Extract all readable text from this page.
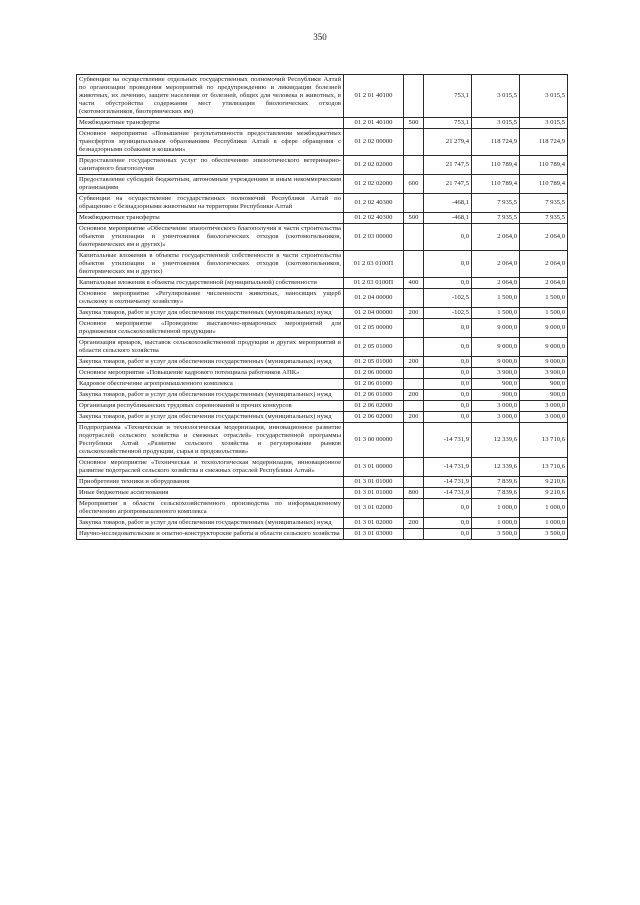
350
Субвенции на осуществление отдельных государственных полномочий Республики Алтай по организации проведения мероприятий по предупреждению и ликвидации болезней животных, их лечению, защите населения от болезней, общих для человека и животных, в части обустройства содержания мест утилизации биологических отходов (скотомогильников, биотермических ям)	01 2 01 40100		753,1	3 015,5	3 015,5
Межбюджетные трансферты	01 2 01 40100	500	753,1	3 015,5	3 015,5
Основное мероприятие «Повышение результативности предоставления межбюджетных трансфертов муниципальным образованиям Республики Алтай в сфере обращения с безнадзорными собаками и кошками»	01 2 02 00000		21 279,4	118 724,9	118 724,9
Предоставление государственных услуг по обеспечению эпизоотического ветеринарно-санитарного благополучия	01 2 02 02000		21 747,5	110 789,4	110 789,4
Предоставление субсидий бюджетным, автономным учреждениям и иным некоммерческим организациям	01 2 02 02000	600	21 747,5	110 789,4	110 789,4
Субвенции на осуществление государственных полномочий Республики Алтай по обращению с безнадзорными животными на территории Республики Алтай	01 2 02 40300		-468,1	7 935,5	7 935,5
Межбюджетные трансферты	01 2 02 40300	500	-468,1	7 935,5	7 935,5
Основное мероприятие «Обеспечение эпизоотического благополучия в части строительства объектов утилизации и уничтожения биологических отходов (скотомогильников, биотермических ям и других)»	01 2 03 00000		0,0	2 064,0	2 064,0
Капитальные вложения в объекты государственной собственности в части строительства объектов утилизации и уничтожения биологических отходов (скотомогильников, биотермических ям и других)	01 2 03 0100П		0,0	2 064,0	2 064,0
Капитальные вложения в объекты государственной (муниципальной) собственности	01 2 03 0100П	400	0,0	2 064,0	2 064,0
Основное мероприятие «Регулирование численности животных, наносящих ущерб сельскому и охотничьему хозяйству»	01 2 04 00000		-102,5	1 500,0	1 500,0
Закупка товаров, работ и услуг для обеспечения государственных (муниципальных) нужд	01 2 04 00000	200	-102,5	1 500,0	1 500,0
Основное мероприятие «Проведение выставочно-ярмарочных мероприятий для продвижения сельскохозяйственной продукции»	01 2 05 00000		0,0	9 000,0	9 000,0
Организация ярмарок, выставок сельскохозяйственной продукции и других мероприятий в области сельского хозяйства	01 2 05 01000		0,0	9 000,0	9 000,0
Закупка товаров, работ и услуг для обеспечения государственных (муниципальных) нужд	01 2 05 01000	200	0,0	9 000,0	9 000,0
Основное мероприятие «Повышение кадрового потенциала работников АПК»	01 2 06 00000		0,0	3 900,0	3 900,0
Кадровое обеспечение агропромышленного комплекса	01 2 06 01000		0,0	900,0	900,0
Закупка товаров, работ и услуг для обеспечения государственных (муниципальных) нужд	01 2 06 01000	200	0,0	900,0	900,0
Организация республиканских трудовых соревнований и прочих конкурсов	01 2 06 02000		0,0	3 000,0	3 000,0
Закупка товаров, работ и услуг для обеспечения государственных (муниципальных) нужд	01 2 06 02000	200	0,0	3 000,0	3 000,0
Подпрограмма «Техническая и технологическая модернизация, инновационное развитие подотраслей сельского хозяйства и смежных отраслей» государственной программы Республики Алтай «Развитие сельского хозяйства и регулирование рынков сельскохозяйственной продукции, сырья и продовольствия»	01 3 00 00000		-14 731,9	12 339,6	13 710,6
Основное мероприятие «Техническая и технологическая модернизация, инновационное развитие подотраслей сельского хозяйства и смежных отраслей Республики Алтай»	01 3 01 00000		-14 731,9	12 339,6	13 710,6
Приобретение техники и оборудования	01 3 01 01000		-14 731,9	7 839,6	9 210,6
Иные бюджетные ассигнования	01 3 01 01000	800	-14 731,9	7 839,6	9 210,6
Мероприятия в области сельскохозяйственного производства по информационному обеспечению агропромышленного комплекса	01 3 01 02000		0,0	1 000,0	1 000,0
Закупка товаров, работ и услуг для обеспечения государственных (муниципальных) нужд	01 3 01 02000	200	0,0	1 000,0	1 000,0
Научно-исследовательские и опытно-конструкторские работы в области сельского хозяйства	01 3 01 03000		0,0	3 500,0	3 500,0
